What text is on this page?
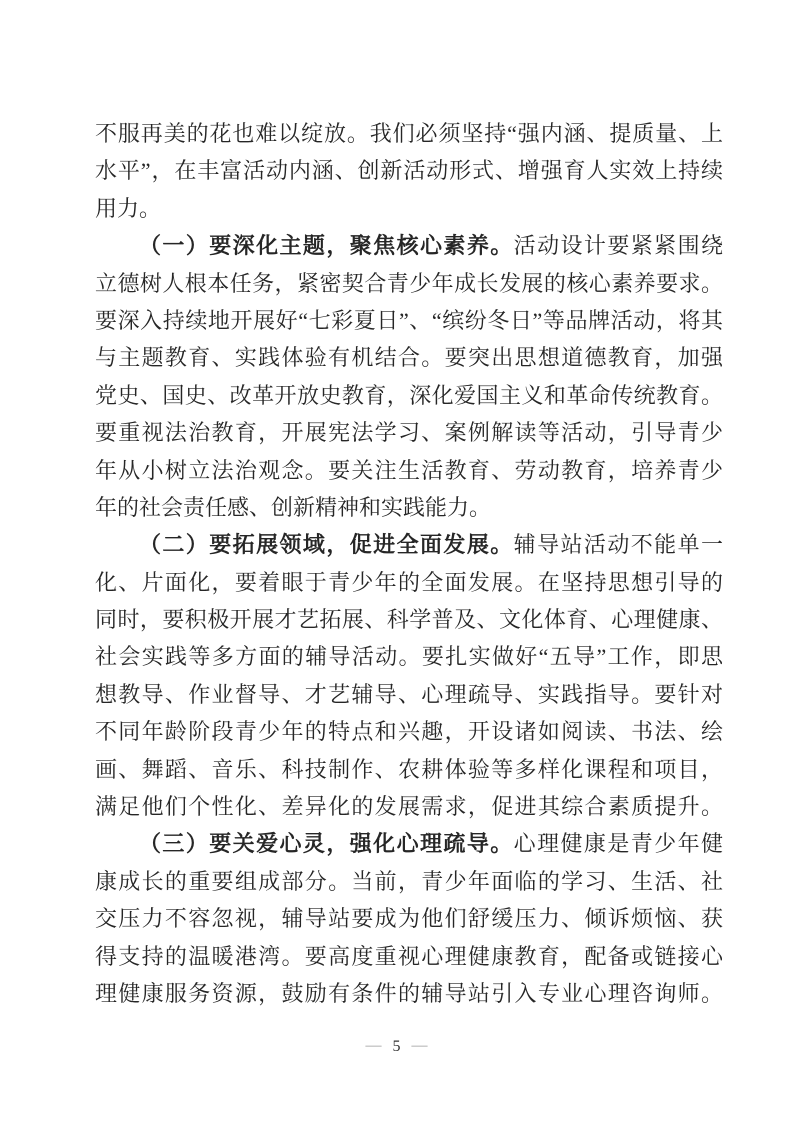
不服再美的花也难以绽放。我们必须坚持“强内涵、提质量、上
水平”，在丰富活动内涵、创新活动形式、增强育人实效上持续
用力。
（一）要深化主题，聚焦核心素养。活动设计要紧紧围绕
立德树人根本任务，紧密契合青少年成长发展的核心素养要求。
要深入持续地开展好“七彩夏日”、“缤纷冬日”等品牌活动，将其
与主题教育、实践体验有机结合。要突出思想道德教育，加强
党史、国史、改革开放史教育，深化爱国主义和革命传统教育。
要重视法治教育，开展宪法学习、案例解读等活动，引导青少
年从小树立法治观念。要关注生活教育、劳动教育，培养青少
年的社会责任感、创新精神和实践能力。
（二）要拓展领域，促进全面发展。辅导站活动不能单一
化、片面化，要着眼于青少年的全面发展。在坚持思想引导的
同时，要积极开展才艺拓展、科学普及、文化体育、心理健康、
社会实践等多方面的辅导活动。要扎实做好“五导”工作，即思
想教导、作业督导、才艺辅导、心理疏导、实践指导。要针对
不同年龄阶段青少年的特点和兴趣，开设诸如阅读、书法、绘
画、舞蹈、音乐、科技制作、农耕体验等多样化课程和项目，
满足他们个性化、差异化的发展需求，促进其综合素质提升。
（三）要关爱心灵，强化心理疏导。心理健康是青少年健
康成长的重要组成部分。当前，青少年面临的学习、生活、社
交压力不容忽视，辅导站要成为他们舒缓压力、倾诉烦恼、获
得支持的温暖港湾。要高度重视心理健康教育，配备或链接心
理健康服务资源，鼓励有条件的辅导站引入专业心理咨询师。
— 5 —
